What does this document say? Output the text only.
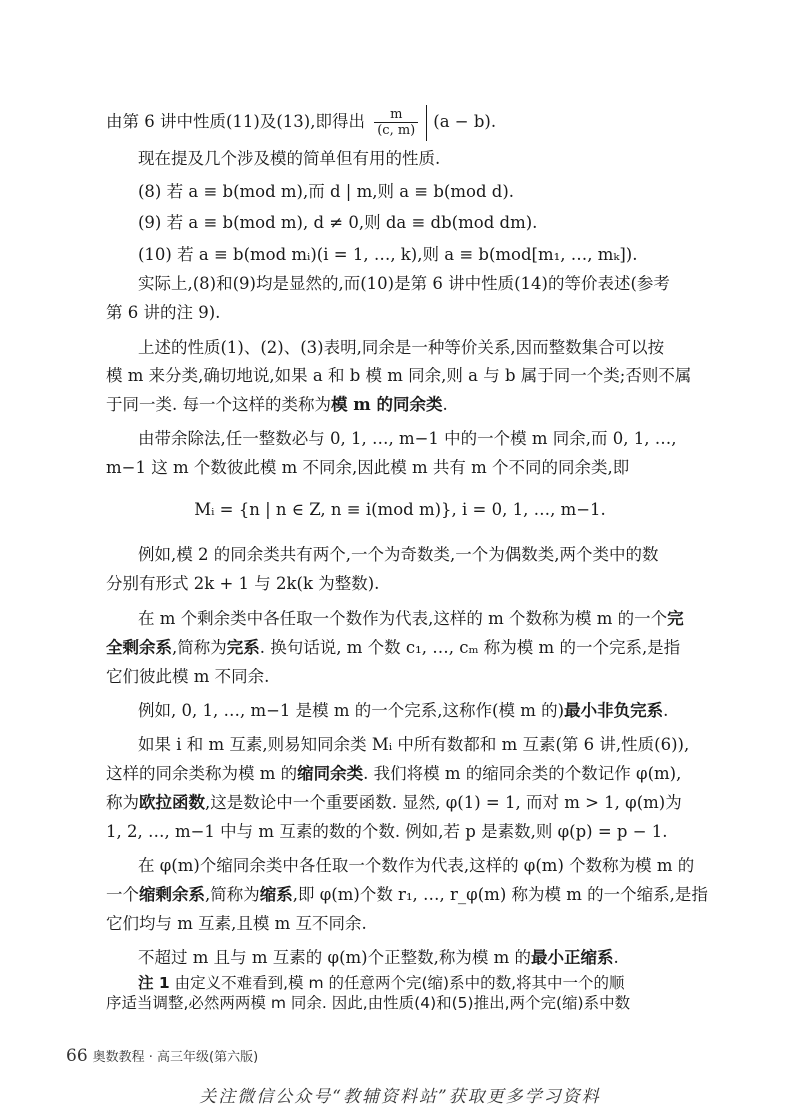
由第 6 讲中性质(11)及(13),即得出 $\frac{m}{(c, m)} (a - b)$.
现在提及几个涉及模的简单但有用的性质.
(8) 若 a ≡ b(mod m),而 d | m,则 a ≡ b(mod d).
(9) 若 a ≡ b(mod m), d ≠ 0,则 da ≡ db(mod dm).
(10) 若 a ≡ b(mod mᵢ)(i = 1, …, k),则 a ≡ b(mod[m₁, …, mₖ]).
实际上,(8)和(9)均是显然的,而(10)是第 6 讲中性质(14)的等价表述(参考
第 6 讲的注 9).
上述的性质(1)、(2)、(3)表明,同余是一种等价关系,因而整数集合可以按
模 m 来分类,确切地说,如果 a 和 b 模 m 同余,则 a 与 b 属于同一个类;否则不属
于同一类. 每一个这样的类称为模 m 的同余类.
由带余除法,任一整数必与 0, 1, …, m−1 中的一个模 m 同余,而 0, 1, …,
m−1 这 m 个数彼此模 m 不同余,因此模 m 共有 m 个不同的同余类,即
Mᵢ = {n | n ∈ Z, n ≡ i(mod m)}, i = 0, 1, …, m−1.
例如,模 2 的同余类共有两个,一个为奇数类,一个为偶数类,两个类中的数
分别有形式 2k + 1 与 2k(k 为整数).
在 m 个剩余类中各任取一个数作为代表,这样的 m 个数称为模 m 的一个完
全剩余系,简称为完系. 换句话说, m 个数 c₁, …, cₘ 称为模 m 的一个完系,是指
它们彼此模 m 不同余.
例如, 0, 1, …, m−1 是模 m 的一个完系,这称作(模 m 的)最小非负完系.
如果 i 和 m 互素,则易知同余类 Mᵢ 中所有数都和 m 互素(第 6 讲,性质(6)),
这样的同余类称为模 m 的缩同余类. 我们将模 m 的缩同余类的个数记作 φ(m),
称为欧拉函数,这是数论中一个重要函数. 显然, φ(1) = 1, 而对 m > 1, φ(m)为
1, 2, …, m−1 中与 m 互素的数的个数. 例如,若 p 是素数,则 φ(p) = p − 1.
在 φ(m)个缩同余类中各任取一个数作为代表,这样的 φ(m) 个数称为模 m 的
一个缩剩余系,简称为缩系,即 φ(m)个数 r₁, …, r_φ(m) 称为模 m 的一个缩系,是指
它们均与 m 互素,且模 m 互不同余.
不超过 m 且与 m 互素的 φ(m)个正整数,称为模 m 的最小正缩系.
注 1 由定义不难看到,模 m 的任意两个完(缩)系中的数,将其中一个的顺
序适当调整,必然两两模 m 同余. 因此,由性质(4)和(5)推出,两个完(缩)系中数
66 奥数教程 · 高三年级(第六版)
关注微信公众号“教辅资料站”获取更多学习资料
